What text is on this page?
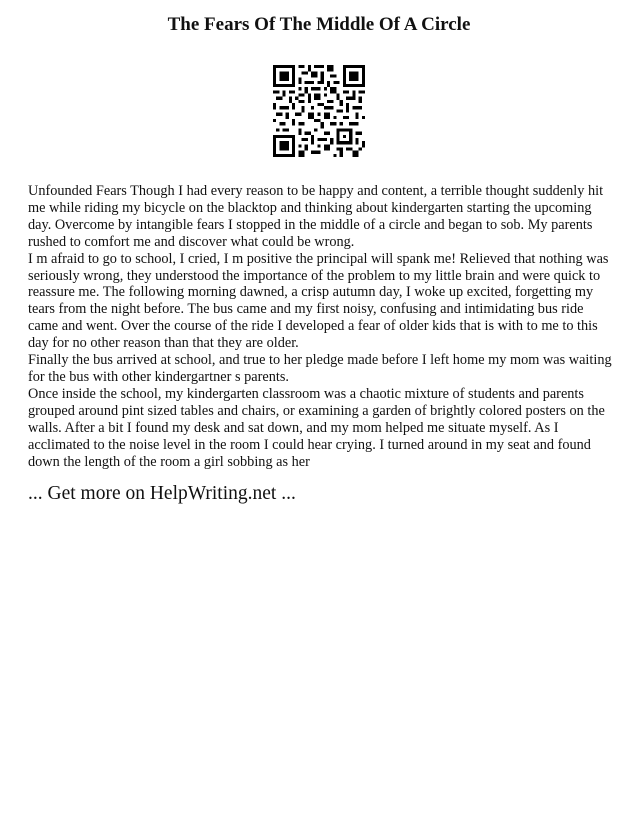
The Fears Of The Middle Of A Circle

Unfounded Fears Though I had every reason to be happy and content, a terrible thought suddenly hit me while riding my bicycle on the blacktop and thinking about kindergarten starting the upcoming day. Overcome by intangible fears I stopped in the middle of a circle and began to sob. My parents rushed to comfort me and discover what could be wrong.

I m afraid to go to school, I cried, I m positive the principal will spank me! Relieved that nothing was seriously wrong, they understood the importance of the problem to my little brain and were quick to reassure me. The following morning dawned, a crisp autumn day, I woke up excited, forgetting my tears from the night before. The bus came and my first noisy, confusing and intimidating bus ride came and went. Over the course of the ride I developed a fear of older kids that is with to me to this day for no other reason than that they are older.

Finally the bus arrived at school, and true to her pledge made before I left home my mom was waiting for the bus with other kindergartner s parents.

Once inside the school, my kindergarten classroom was a chaotic mixture of students and parents grouped around pint sized tables and chairs, or examining a garden of brightly colored posters on the walls. After a bit I found my desk and sat down, and my mom helped me situate myself. As I acclimated to the noise level in the room I could hear crying. I turned around in my seat and found down the length of the room a girl sobbing as her

... Get more on HelpWriting.net ...
